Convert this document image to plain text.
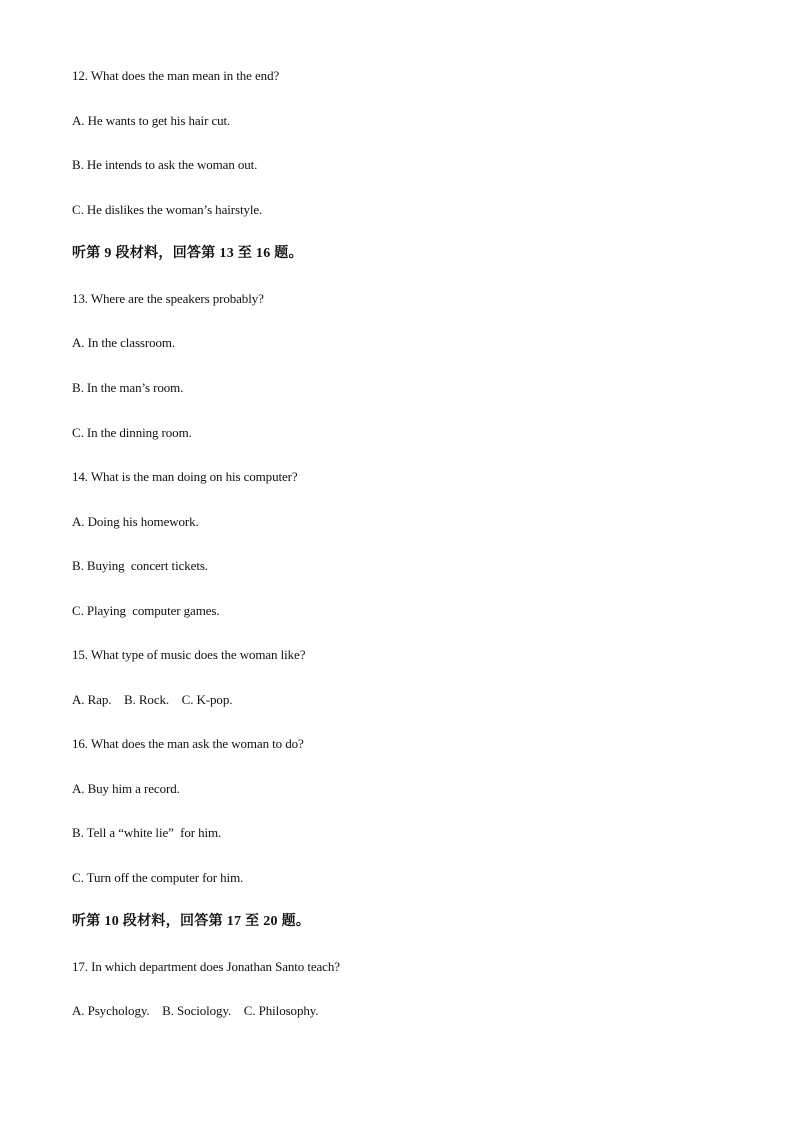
12. What does the man mean in the end?
A. He wants to get his hair cut.
B. He intends to ask the woman out.
C. He dislikes the woman’s hairstyle.
听第 9 段材料，回答第 13 至 16 题。
13. Where are the speakers probably?
A. In the classroom.
B. In the man’s room.
C. In the dinning room.
14. What is the man doing on his computer?
A. Doing his homework.
B. Buying  concert tickets.
C. Playing  computer games.
15. What type of music does the woman like?
A. Rap.    B. Rock.    C. K-pop.
16. What does the man ask the woman to do?
A. Buy him a record.
B. Tell a “white lie”  for him.
C. Turn off the computer for him.
听第 10 段材料，回答第 17 至 20 题。
17. In which department does Jonathan Santo teach?
A. Psychology.    B. Sociology.    C. Philosophy.
